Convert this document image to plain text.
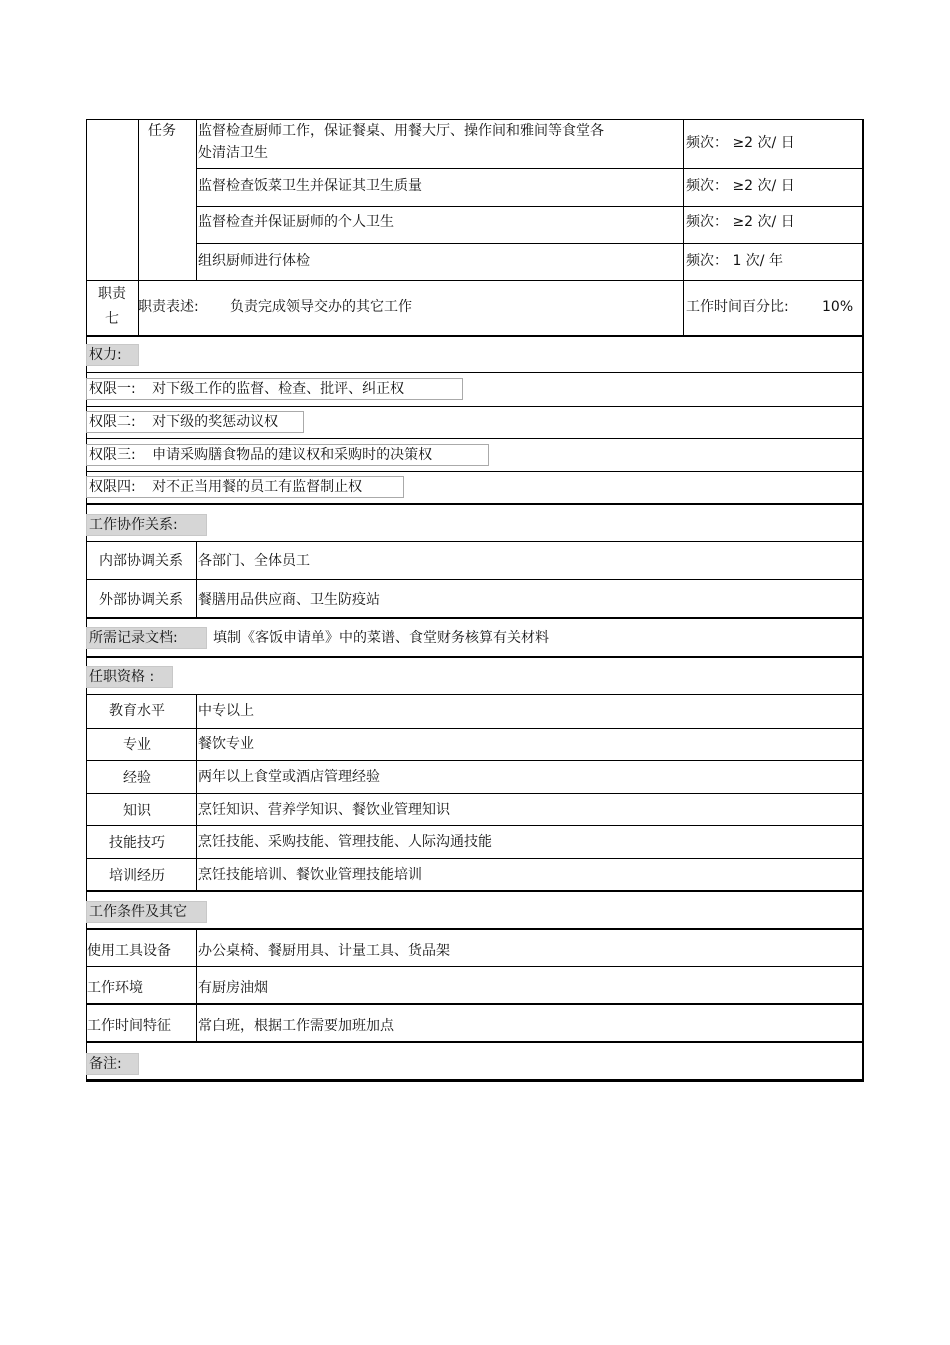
任务 监督检查厨师工作，保证餐桌、用餐大厅、操作间和雅间等食堂各
处清洁卫生
频次： ≥2 次/ 日
监督检查饭菜卫生并保证其卫生质量	频次： ≥2 次/ 日
监督检查并保证厨师的个人卫生	频次： ≥2 次/ 日
组织厨师进行体检	频次： 1 次/ 年
职责
七
职责表述: 负责完成领导交办的其它工作	工作时间百分比: 10%
权力:
权限一: 对下级工作的监督、检查、批评、纠正权
权限二: 对下级的奖惩动议权
权限三: 申请采购膳食物品的建议权和采购时的决策权
权限四: 对不正当用餐的员工有监督制止权
工作协作关系:
内部协调关系	各部门、全体员工
外部协调关系	餐膳用品供应商、卫生防疫站
所需记录文档:	填制《客饭申请单》中的菜谱、食堂财务核算有关材料
任职资格 :
教育水平	中专以上
专业	餐饮专业
经验	两年以上食堂或酒店管理经验
知识	烹饪知识、营养学知识、餐饮业管理知识
技能技巧	烹饪技能、采购技能、管理技能、人际沟通技能
培训经历	烹饪技能培训、餐饮业管理技能培训
工作条件及其它
使用工具设备 办公桌椅、餐厨用具、计量工具、货品架
工作环境	有厨房油烟
工作时间特征 常白班，根据工作需要加班加点
备注:
